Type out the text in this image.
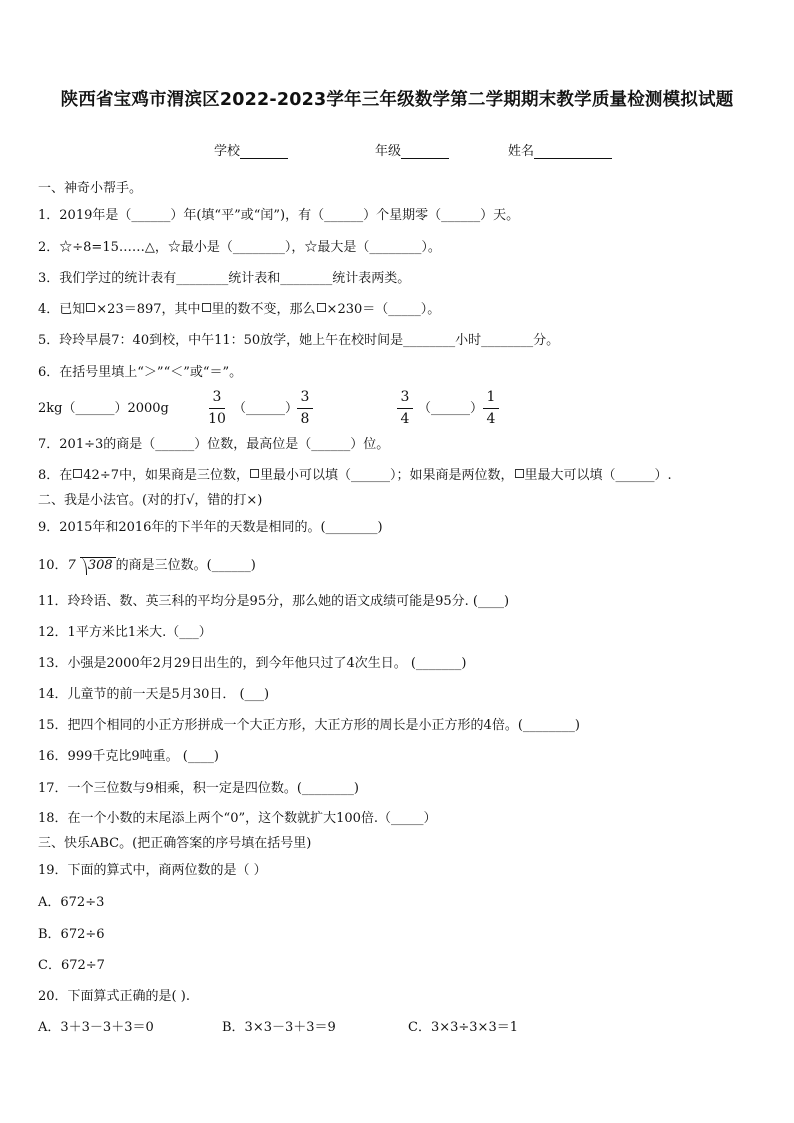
陕西省宝鸡市渭滨区2022-2023学年三年级数学第二学期期末教学质量检测模拟试题
学校	年级	姓名
一、神奇小帮手。
1．2019年是（______）年(填“平”或“闰”)，有（______）个星期零（______）天。
2．☆÷8=15……△，☆最小是（________），☆最大是（________）。
3．我们学过的统计表有________统计表和________统计表两类。
4．已知 ×23＝897，其中 里的数不变，那么 ×230＝（_____）。
5．玲玲早晨7：40到校，中午11：50放学，她上午在校时间是________小时________分。
6．在括号里填上“＞”“＜”或“＝”。
2kg（______）2000g
3
10
（______）
3
8
3
4
（______）
1
4
7．201÷3的商是（______）位数，最高位是（______）位。
8．在 42÷7中，如果商是三位数， 里最小可以填（______）；如果商是两位数， 里最大可以填（______）.
二、我是小法官。(对的打√，错的打×)
9．2015年和2016年的下半年的天数是相同的。(________)
10．7 308 的商是三位数。(______)
11．玲玲语、数、英三科的平均分是95分，那么她的语文成绩可能是95分. (____)
12．1平方米比1米大.（___）
13．小强是2000年2月29日出生的，到今年他只过了4次生日。 (_______)
14．儿童节的前一天是5月30日． (___)
15．把四个相同的小正方形拼成一个大正方形，大正方形的周长是小正方形的4倍。(________)
16．999千克比9吨重。 (____)
17．一个三位数与9相乘，积一定是四位数。(________)
18．在一个小数的末尾添上两个“0”，这个数就扩大100倍.（_____）
三、快乐ABC。(把正确答案的序号填在括号里)
19．下面的算式中，商两位数的是（ ）
A．672÷3
B．672÷6
C．672÷7
20．下面算式正确的是( ).
A．3＋3－3＋3＝0	B．3×3－3＋3＝9	C．3×3÷3×3＝1
